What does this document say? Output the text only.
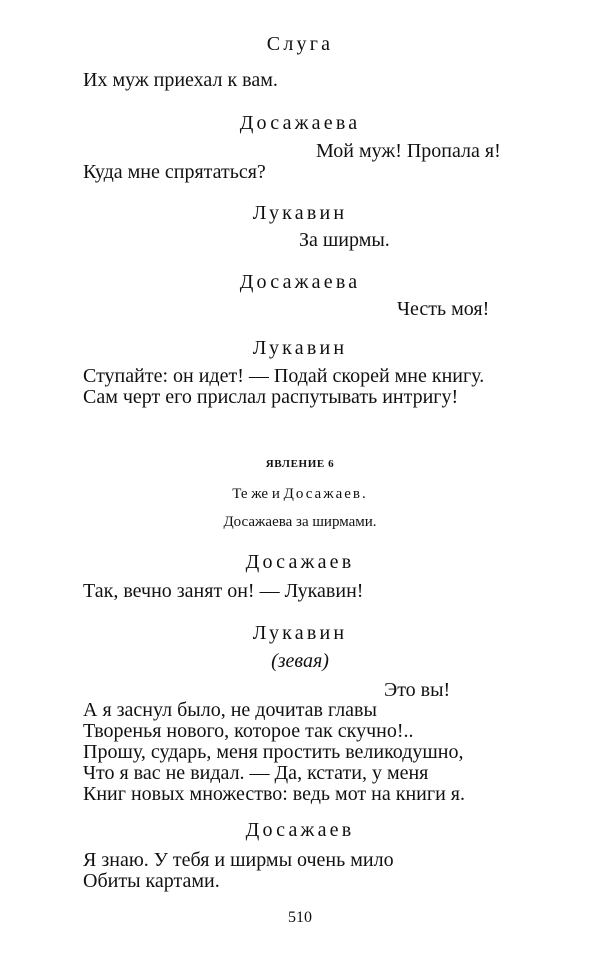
Слуга
Их муж приехал к вам.
Досажаева
Мой муж! Пропала я!
Куда мне спрятаться?
Лукавин
За ширмы.
Досажаева
Честь моя!
Лукавин
Ступайте: он идет! — Подай скорей мне книгу.
Сам черт его прислал распутывать интригу!
ЯВЛЕНИЕ 6
Те же и Досажаев.
Досажаева за ширмами.
Досажаев
Так, вечно занят он! — Лукавин!
Лукавин
(зевая)
Это вы!
А я заснул было, не дочитав главы
Творенья нового, которое так скучно!..
Прошу, сударь, меня простить великодушно,
Что я вас не видал. — Да, кстати, у меня
Книг новых множество: ведь мот на книги я.
Досажаев
Я знаю. У тебя и ширмы очень мило
Обиты картами.
510
